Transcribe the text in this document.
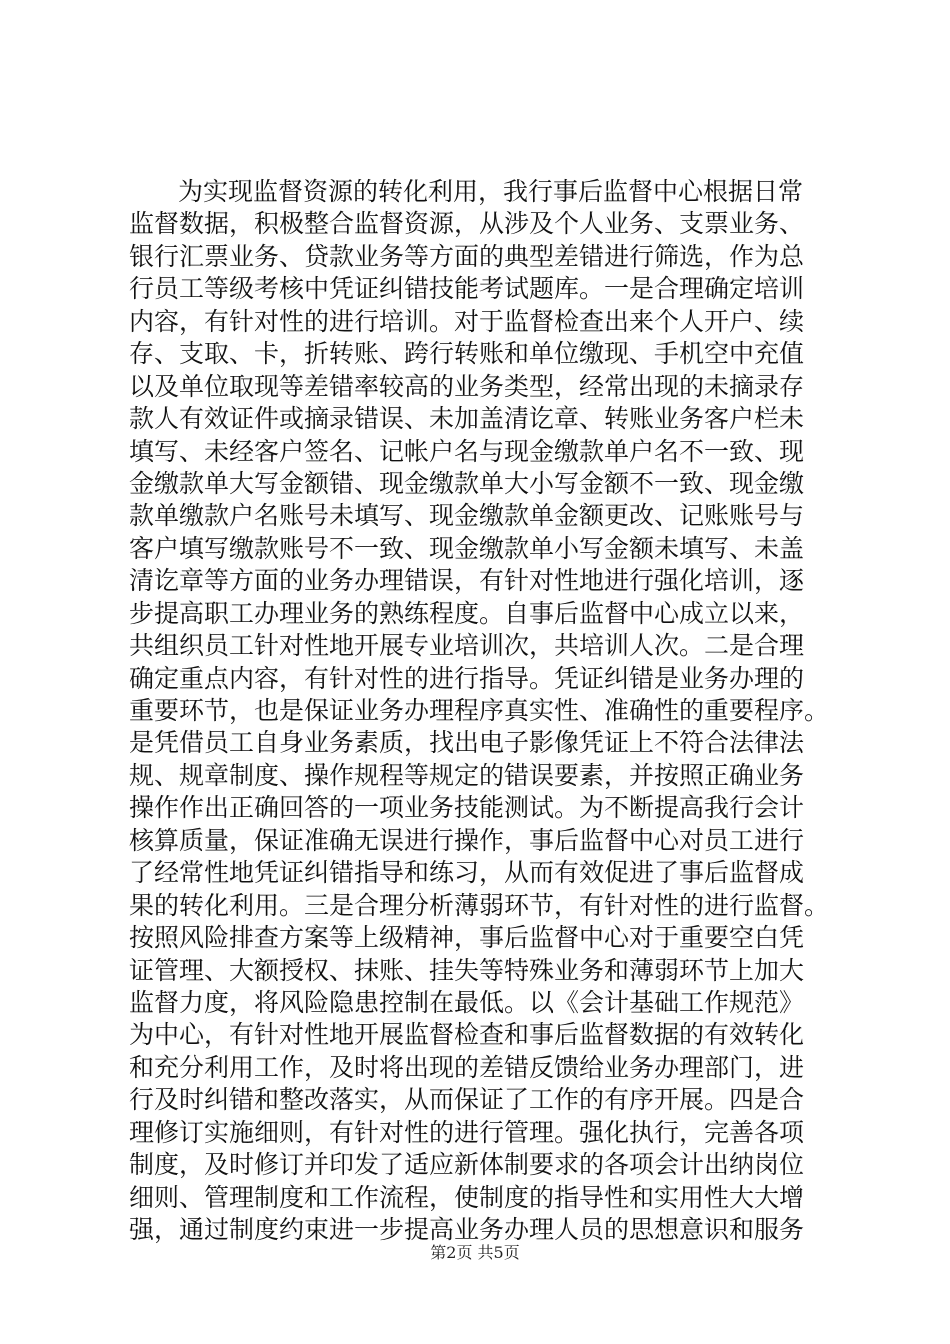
为实现监督资源的转化利用，我行事后监督中心根据日常
监督数据，积极整合监督资源，从涉及个人业务、支票业务、
银行汇票业务、贷款业务等方面的典型差错进行筛选，作为总
行员工等级考核中凭证纠错技能考试题库。一是合理确定培训
内容，有针对性的进行培训。对于监督检查出来个人开户、续
存、支取、卡，折转账、跨行转账和单位缴现、手机空中充值
以及单位取现等差错率较高的业务类型，经常出现的未摘录存
款人有效证件或摘录错误、未加盖清讫章、转账业务客户栏未
填写、未经客户签名、记帐户名与现金缴款单户名不一致、现
金缴款单大写金额错、现金缴款单大小写金额不一致、现金缴
款单缴款户名账号未填写、现金缴款单金额更改、记账账号与
客户填写缴款账号不一致、现金缴款单小写金额未填写、未盖
清讫章等方面的业务办理错误，有针对性地进行强化培训，逐
步提高职工办理业务的熟练程度。自事后监督中心成立以来，
共组织员工针对性地开展专业培训次，共培训人次。二是合理
确定重点内容，有针对性的进行指导。凭证纠错是业务办理的
重要环节，也是保证业务办理程序真实性、准确性的重要程序。
是凭借员工自身业务素质，找出电子影像凭证上不符合法律法
规、规章制度、操作规程等规定的错误要素，并按照正确业务
操作作出正确回答的一项业务技能测试。为不断提高我行会计
核算质量，保证准确无误进行操作，事后监督中心对员工进行
了经常性地凭证纠错指导和练习，从而有效促进了事后监督成
果的转化利用。三是合理分析薄弱环节，有针对性的进行监督。
按照风险排查方案等上级精神，事后监督中心对于重要空白凭
证管理、大额授权、抹账、挂失等特殊业务和薄弱环节上加大
监督力度，将风险隐患控制在最低。以《会计基础工作规范》
为中心，有针对性地开展监督检查和事后监督数据的有效转化
和充分利用工作，及时将出现的差错反馈给业务办理部门，进
行及时纠错和整改落实，从而保证了工作的有序开展。四是合
理修订实施细则，有针对性的进行管理。强化执行，完善各项
制度，及时修订并印发了适应新体制要求的各项会计出纳岗位
细则、管理制度和工作流程，使制度的指导性和实用性大大增
强，通过制度约束进一步提高业务办理人员的思想意识和服务
第2页 共5页
